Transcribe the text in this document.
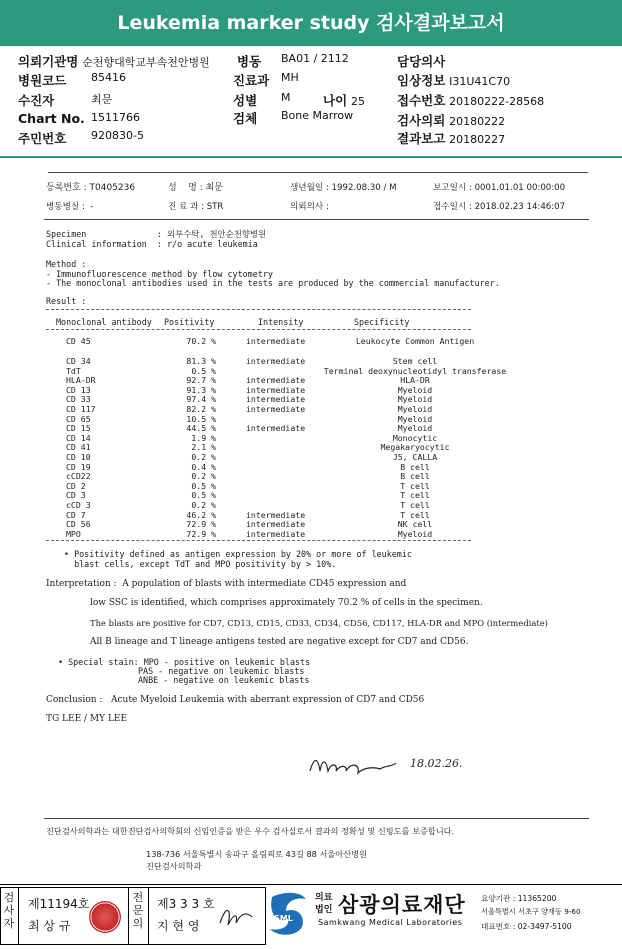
Leukemia marker study 검사결과보고서
의뢰기관명 순천향대학교부속천안병원 병동 BA01 / 2112	담당의사
병원코드 85416	진료과 MH	임상정보 I31U41C70
수진자	최문	성별 M	나이 25	접수번호 20180222-28568
Chart No. 1511766	검체 Bone Marrow	검사의뢰 20180222
주민번호 920830-5	결과보고 20180227
등록번호 : T0405236	성    명 : 최문	생년월일 : 1992.08.30 / M	보고일시 : 0001.01.01 00:00:00
병동병실 :  -	진 료 과 : STR	의뢰의사 :	접수일시 : 2018.02.23 14:46:07
Specimen              : 외부수탁, 천안순천향병원
Clinical information  : r/o acute leukemia
Method :
- Immunofluorescence method by flow cytometry
- The monoclonal antibodies used in the tests are produced by the commercial manufacturer.
Result :
Monoclonal antibody Positivity	Intensity	Specificity
CD 45	70.2 %	intermediate	Leukocyte Common Antigen
CD 34	81.3 %	intermediate	Stem cell
TdT	0.5 %	Terminal deoxynucleotidyl transferase
HLA-DR	92.7 %	intermediate	HLA-DR
CD 13	91.3 %	intermediate	Myeloid
CD 33	97.4 %	intermediate	Myeloid
CD 117	82.2 %	intermediate	Myeloid
CD 65	10.5 %	Myeloid
CD 15	44.5 %	intermediate	Myeloid
CD 14	1.9 %	Monocytic
CD 41	2.1 %	Megakaryocytic
CD 10	0.2 %	J5, CALLA
CD 19	0.4 %	B cell
cCD22	0.2 %	B cell
CD 2	0.5 %	T cell
CD 3	0.5 %	T cell
cCD 3	0.2 %	T cell
CD 7	46.2 %	intermediate	T cell
CD 56	72.9 %	intermediate	NK cell
MPO	72.9 %	intermediate	Myeloid
• Positivity defined as antigen expression by 20% or more of leukemic
blast cells, except TdT and MPO positivity by > 10%.
Interpretation :  A population of blasts with intermediate CD45 expression and
low SSC is identified, which comprises approximately 70.2 % of cells in the specimen.
The blasts are positive for CD7, CD13, CD15, CD33, CD34, CD56, CD117, HLA-DR and MPO (intermediate)
All B lineage and T lineage antigens tested are negative except for CD7 and CD56.
• Special stain: MPO - positive on leukemic blasts
PAS - negative on leukemic blasts
ANBE - negative on leukemic blasts
Conclusion :   Acute Myeloid Leukemia with aberrant expression of CD7 and CD56
TG LEE / MY LEE
18.02.26.
진단검사의학과는 대한진단검사의학회의 신임인증을 받은 우수 검사실로서 결과의 정확성 및 신빙도를 보증합니다.
138-736 서울특별시 송파구 올림픽로 43길 88 서울아산병원
진단검사의학과
검사자
제11194호
최 상 규
전문의
제3 3 3 호
지 현 영
SML
의료
법인 삼광의료재단
Samkwang Medical Laboratories
요양기관 : 11365200
서울특별시 서초구 양재동 9-60
대표번호 : 02-3497-5100
